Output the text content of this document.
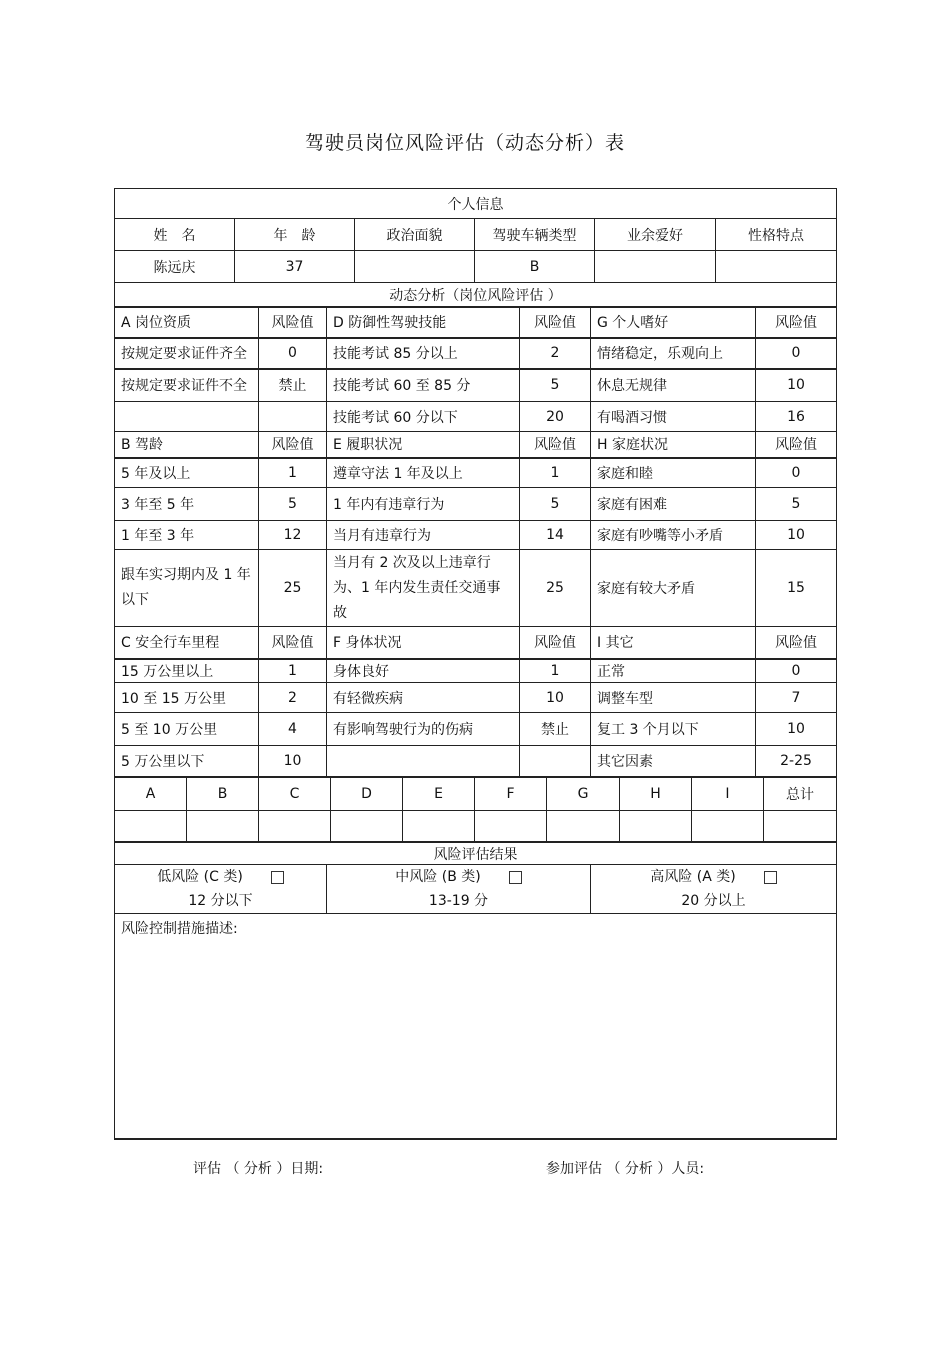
驾驶员岗位风险评估（动态分析）表
个人信息					
姓　名	年　龄	政治面貌	驾驶车辆类型	业余爱好	性格特点
陈远庆	37		B		
动态分析（岗位风险评估 ）					
A 岗位资质	风险值	D 防御性驾驶技能	风险值	G 个人嗜好	风险值
按规定要求证件齐全	0	技能考试 85 分以上	2	情绪稳定，乐观向上	0
按规定要求证件不全	禁止	技能考试 60 至 85 分	5	休息无规律	10
		技能考试 60 分以下	20	有喝酒习惯	16
B 驾龄	风险值	E 履职状况	风险值	H 家庭状况	风险值
5 年及以上	1	遵章守法 1 年及以上	1	家庭和睦	0
3 年至 5 年	5	1 年内有违章行为	5	家庭有困难	5
1 年至 3 年	12	当月有违章行为	14	家庭有吵嘴等小矛盾	10
跟车实习期内及 1 年以下	25	当月有 2 次及以上违章行为、1 年内发生责任交通事故	25	家庭有较大矛盾	15
C 安全行车里程	风险值	F 身体状况	风险值	I 其它	风险值
15 万公里以上	1	身体良好	1	正常	0
10 至 15 万公里	2	有轻微疾病	10	调整车型	7
5 至 10 万公里	4	有影响驾驶行为的伤病	禁止	复工 3 个月以下	10
5 万公里以下	10			其它因素	2-25
A	B	C	D	E	F	G	H	I	总计

风险评估结果

低风险 (C 类)
12 分以下

中风险 (B 类)
13-19 分

高风险 (A 类)
20 分以上

风险控制措施描述:
评估 （ 分析 ）日期:	参加评估 （ 分析 ）人员:
